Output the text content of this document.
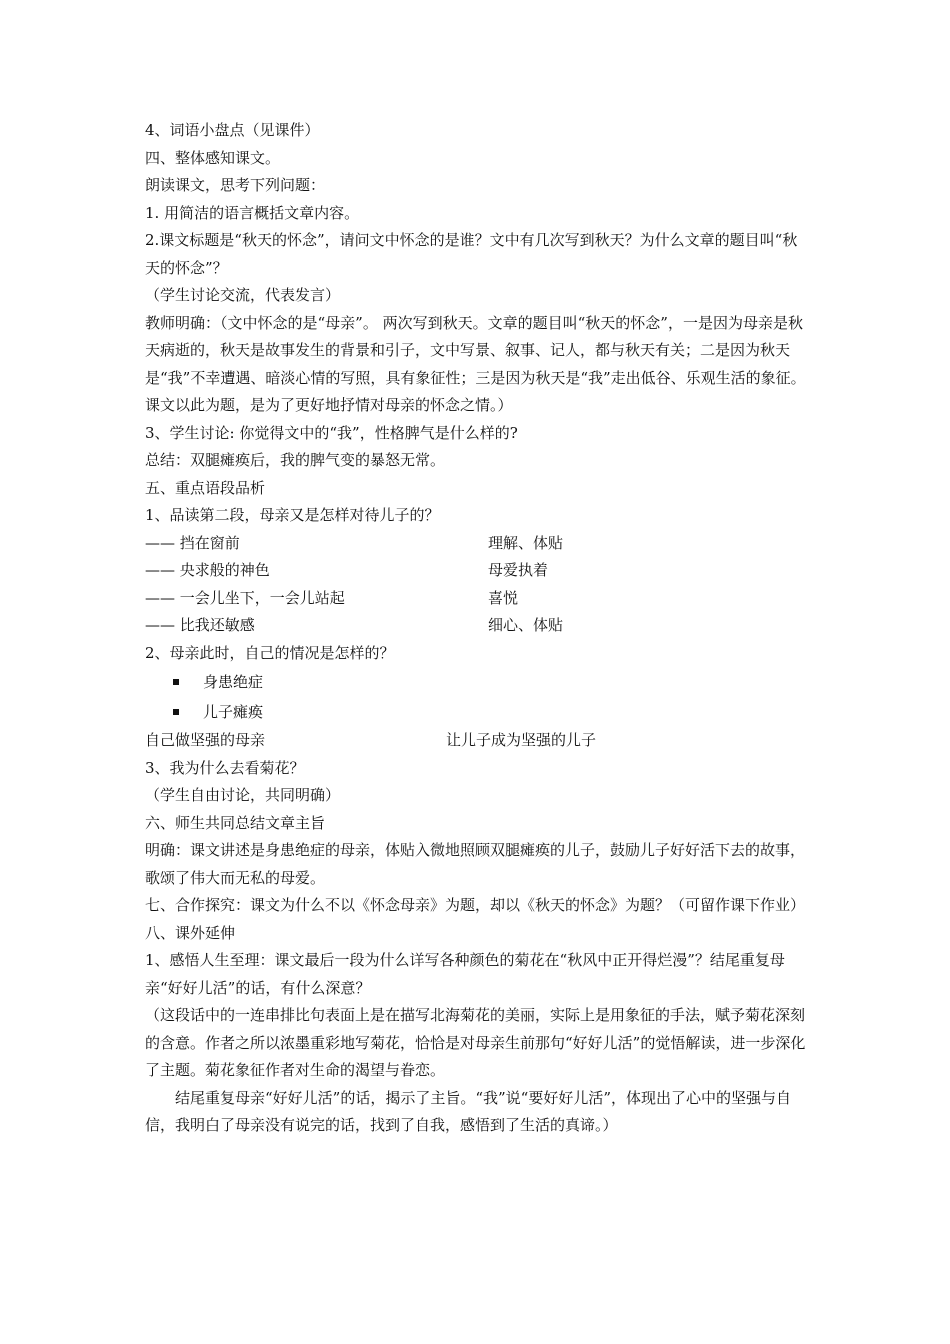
4、词语小盘点（见课件）

四、整体感知课文。

朗读课文，思考下列问题：

1. 用简洁的语言概括文章内容。

2.课文标题是“秋天的怀念”，请问文中怀念的是谁？文中有几次写到秋天？为什么文章的题目叫“秋天的怀念”？

（学生讨论交流，代表发言）

教师明确：（文中怀念的是“母亲”。 两次写到秋天。文章的题目叫“秋天的怀念”，一是因为母亲是秋天病逝的，秋天是故事发生的背景和引子，文中写景、叙事、记人，都与秋天有关；二是因为秋天是“我”不幸遭遇、暗淡心情的写照，具有象征性；三是因为秋天是“我”走出低谷、乐观生活的象征。课文以此为题，是为了更好地抒情对母亲的怀念之情。）

3、学生讨论: 你觉得文中的“我”，性格脾气是什么样的?

总结：双腿瘫痪后，我的脾气变的暴怒无常。

五、重点语段品析

1、品读第二段，母亲又是怎样对待儿子的？

—— 挡在窗前	理解、体贴
—— 央求般的神色	母爱执着
—— 一会儿坐下，一会儿站起	喜悦
—— 比我还敏感	细心、体贴

2、母亲此时，自己的情况是怎样的？

身患绝症
儿子瘫痪
自己做坚强的母亲	让儿子成为坚强的儿子

3、我为什么去看菊花？

（学生自由讨论，共同明确）

六、师生共同总结文章主旨

明确：课文讲述是身患绝症的母亲，体贴入微地照顾双腿瘫痪的儿子，鼓励儿子好好活下去的故事，歌颂了伟大而无私的母爱。

七、合作探究：课文为什么不以《怀念母亲》为题，却以《秋天的怀念》为题？（可留作课下作业）

八、课外延伸

1、感悟人生至理：课文最后一段为什么详写各种颜色的菊花在“秋风中正开得烂漫”？结尾重复母亲“好好儿活”的话，有什么深意？

（这段话中的一连串排比句表面上是在描写北海菊花的美丽，实际上是用象征的手法，赋予菊花深刻的含意。作者之所以浓墨重彩地写菊花，恰恰是对母亲生前那句“好好儿活”的觉悟解读，进一步深化了主题。菊花象征作者对生命的渴望与眷恋。

结尾重复母亲“好好儿活”的话，揭示了主旨。“我”说“要好好儿活”，体现出了心中的坚强与自信，我明白了母亲没有说完的话，找到了自我，感悟到了生活的真谛。）
